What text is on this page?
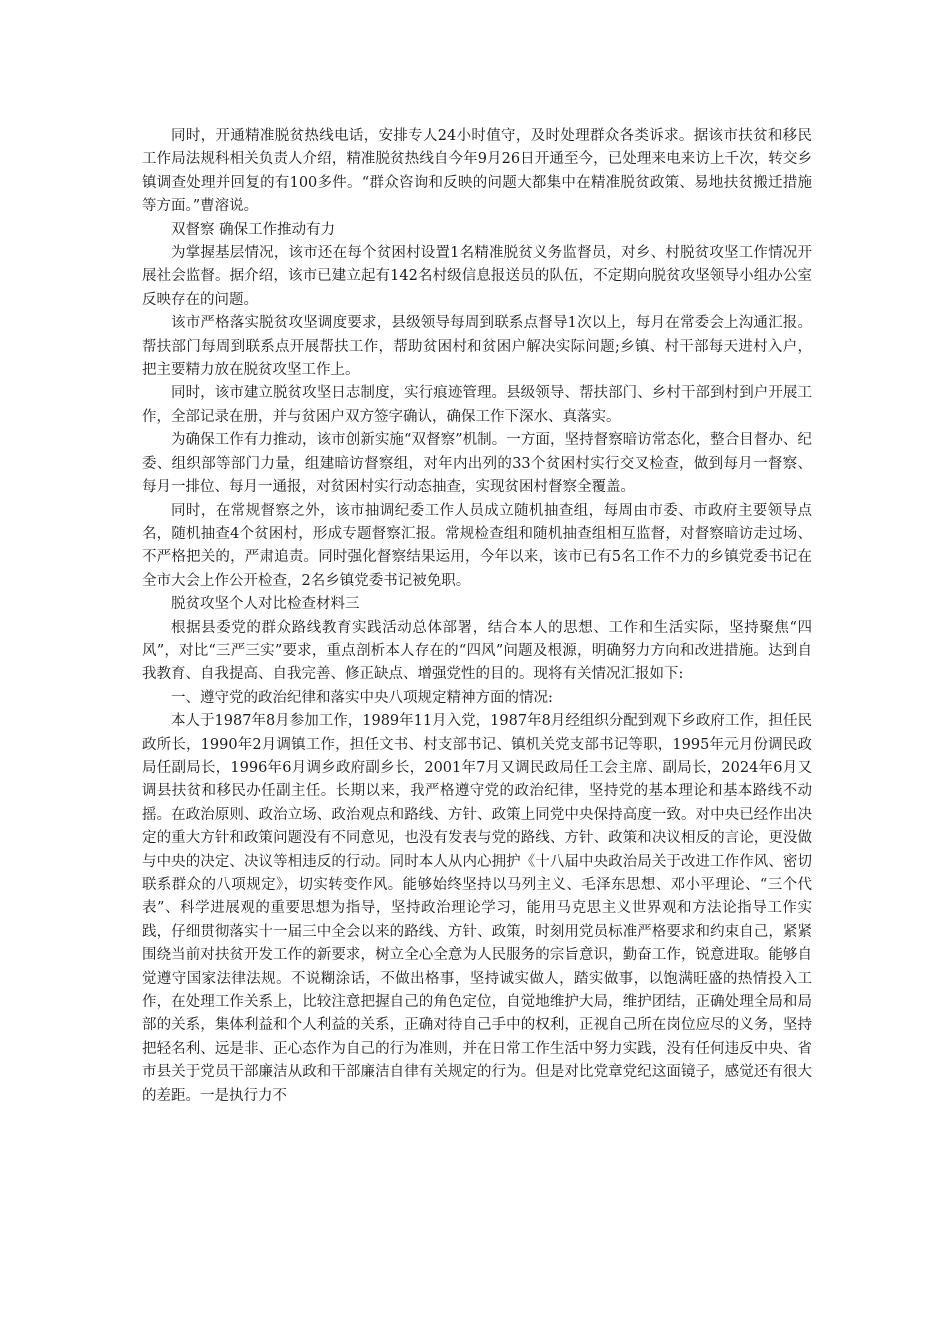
同时，开通精准脱贫热线电话，安排专人24小时值守，及时处理群众各类诉求。据该市扶贫和移民工作局法规科相关负责人介绍，精准脱贫热线自今年9月26日开通至今，已处理来电来访上千次，转交乡镇调查处理并回复的有100多件。“群众咨询和反映的问题大都集中在精准脱贫政策、易地扶贫搬迁措施等方面。”曹溶说。

双督察 确保工作推动有力

为掌握基层情况，该市还在每个贫困村设置1名精准脱贫义务监督员，对乡、村脱贫攻坚工作情况开展社会监督。据介绍，该市已建立起有142名村级信息报送员的队伍，不定期向脱贫攻坚领导小组办公室反映存在的问题。

该市严格落实脱贫攻坚调度要求，县级领导每周到联系点督导1次以上，每月在常委会上沟通汇报。帮扶部门每周到联系点开展帮扶工作，帮助贫困村和贫困户解决实际问题;乡镇、村干部每天进村入户，把主要精力放在脱贫攻坚工作上。

同时，该市建立脱贫攻坚日志制度，实行痕迹管理。县级领导、帮扶部门、乡村干部到村到户开展工作，全部记录在册，并与贫困户双方签字确认，确保工作下深水、真落实。

为确保工作有力推动，该市创新实施“双督察”机制。一方面，坚持督察暗访常态化，整合目督办、纪委、组织部等部门力量，组建暗访督察组，对年内出列的33个贫困村实行交叉检查，做到每月一督察、每月一排位、每月一通报，对贫困村实行动态抽查，实现贫困村督察全覆盖。

同时，在常规督察之外，该市抽调纪委工作人员成立随机抽查组，每周由市委、市政府主要领导点名，随机抽查4个贫困村，形成专题督察汇报。常规检查组和随机抽查组相互监督，对督察暗访走过场、不严格把关的，严肃追责。同时强化督察结果运用，今年以来，该市已有5名工作不力的乡镇党委书记在全市大会上作公开检查，2名乡镇党委书记被免职。

脱贫攻坚个人对比检查材料三

根据县委党的群众路线教育实践活动总体部署，结合本人的思想、工作和生活实际，坚持聚焦“四风”，对比“三严三实”要求，重点剖析本人存在的“四风”问题及根源，明确努力方向和改进措施。达到自我教育、自我提高、自我完善、修正缺点、增强党性的目的。现将有关情况汇报如下:

一、遵守党的政治纪律和落实中央八项规定精神方面的情况:

本人于1987年8月参加工作，1989年11月入党，1987年8月经组织分配到观下乡政府工作，担任民政所长，1990年2月调镇工作，担任文书、村支部书记、镇机关党支部书记等职，1995年元月份调民政局任副局长，1996年6月调乡政府副乡长，2001年7月又调民政局任工会主席、副局长，2024年6月又调县扶贫和移民办任副主任。长期以来，我严格遵守党的政治纪律，坚持党的基本理论和基本路线不动摇。在政治原则、政治立场、政治观点和路线、方针、政策上同党中央保持高度一致。对中央已经作出决定的重大方针和政策问题没有不同意见，也没有发表与党的路线、方针、政策和决议相反的言论，更没做与中央的决定、决议等相违反的行动。同时本人从内心拥护《十八届中央政治局关于改进工作作风、密切联系群众的八项规定》，切实转变作风。能够始终坚持以马列主义、毛泽东思想、邓小平理论、“三个代表”、科学进展观的重要思想为指导，坚持政治理论学习，能用马克思主义世界观和方法论指导工作实践，仔细贯彻落实十一届三中全会以来的路线、方针、政策，时刻用党员标准严格要求和约束自己，紧紧围绕当前对扶贫开发工作的新要求，树立全心全意为人民服务的宗旨意识，勤奋工作，锐意进取。能够自觉遵守国家法律法规。不说糊涂话，不做出格事，坚持诚实做人，踏实做事，以饱满旺盛的热情投入工作，在处理工作关系上，比较注意把握自己的角色定位，自觉地维护大局，维护团结，正确处理全局和局部的关系，集体利益和个人利益的关系，正确对待自己手中的权利，正视自己所在岗位应尽的义务，坚持把轻名利、远是非、正心态作为自己的行为准则，并在日常工作生活中努力实践，没有任何违反中央、省市县关于党员干部廉洁从政和干部廉洁自律有关规定的行为。但是对比党章党纪这面镜子，感觉还有很大的差距。一是执行力不
